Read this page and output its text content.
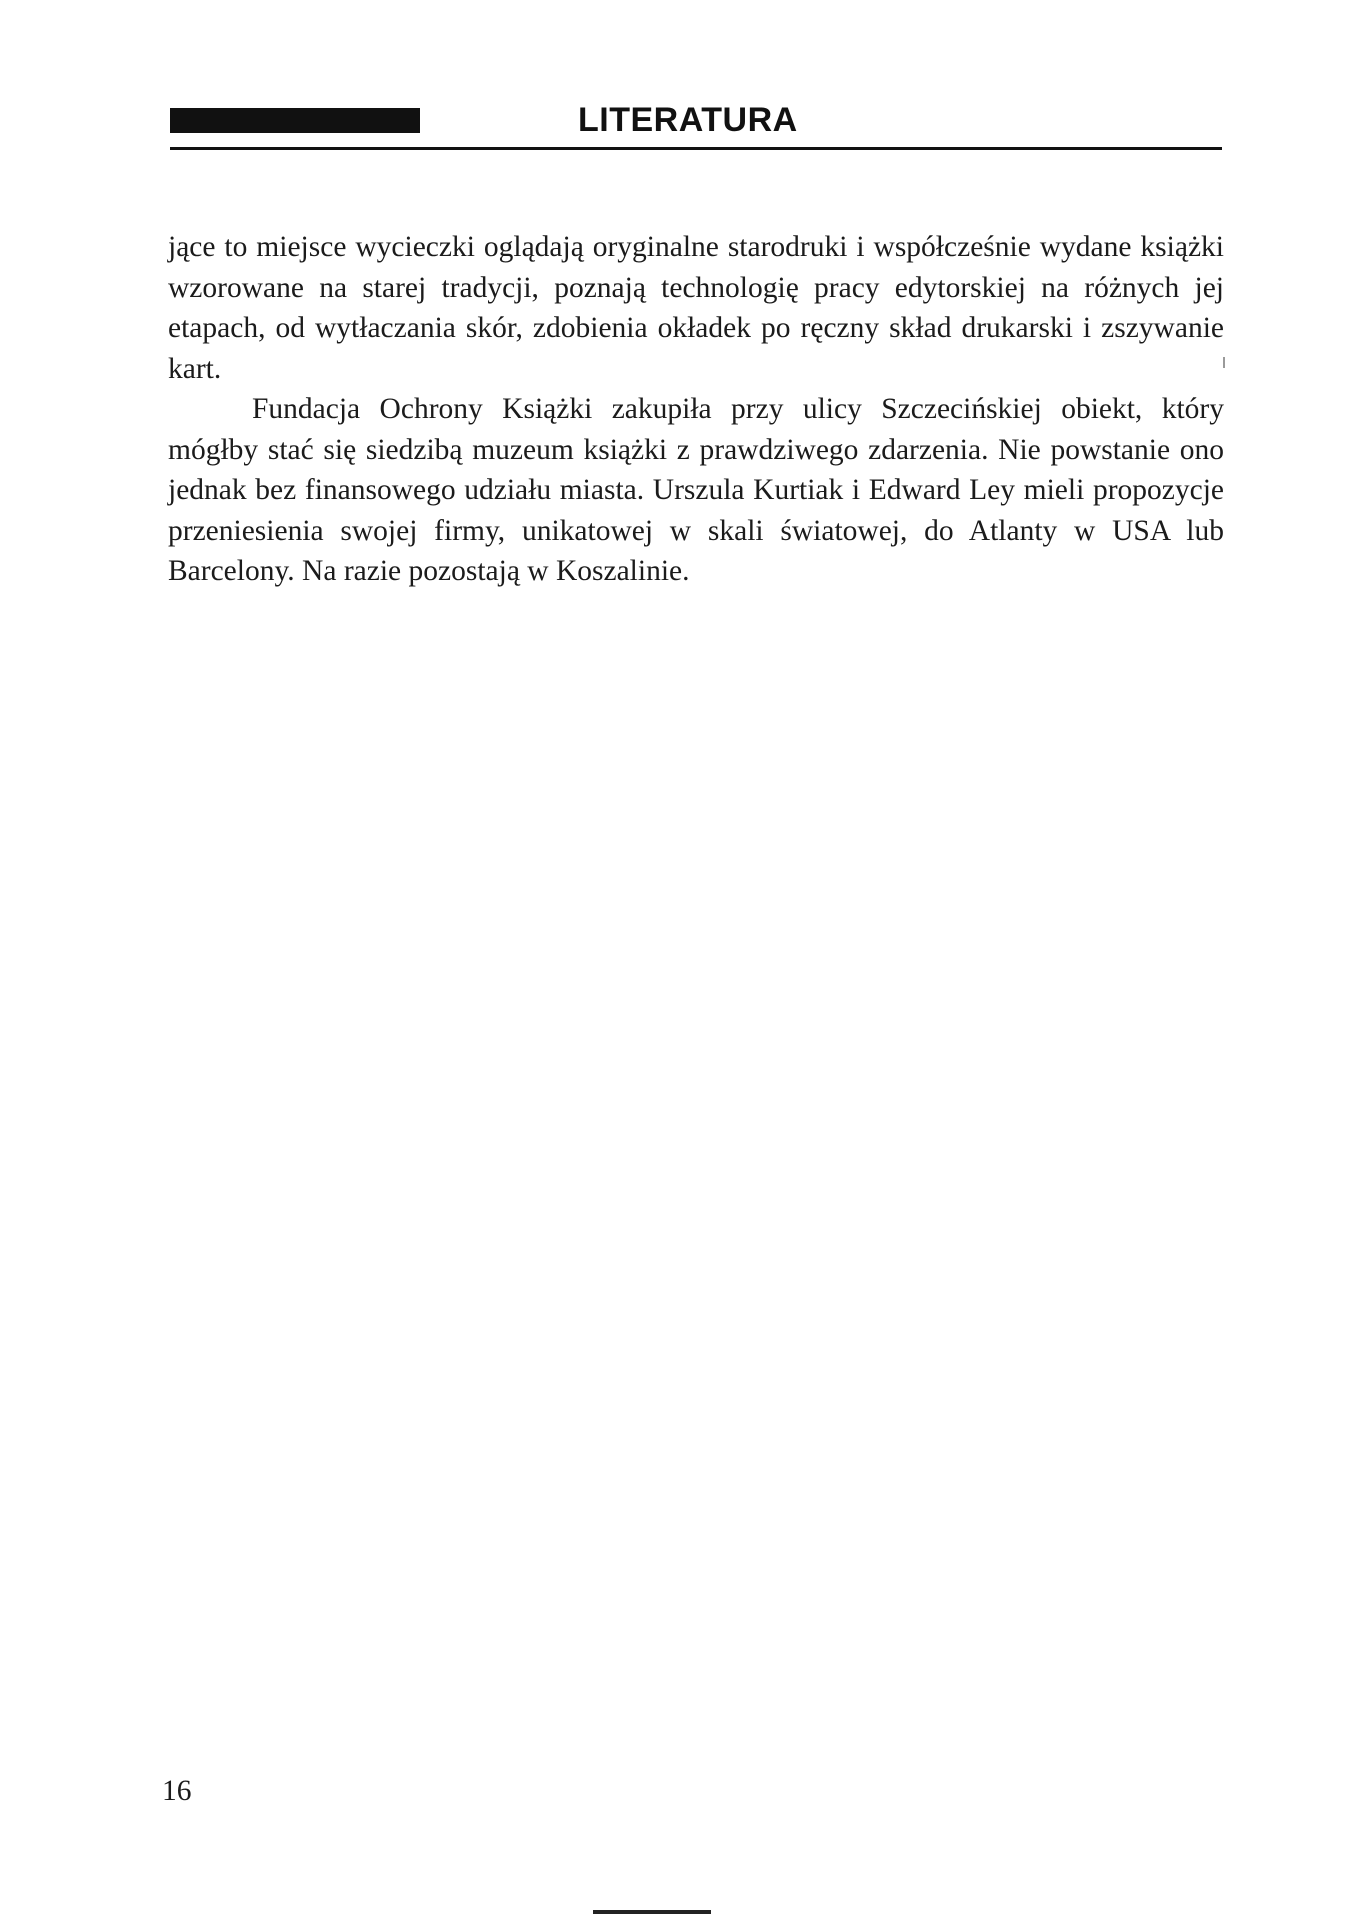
LITERATURA

jące to miejsce wycieczki oglądają oryginalne starodruki i współcześnie wydane książki wzorowane na starej tradycji, poznają technologię pracy edytorskiej na różnych jej etapach, od wytłaczania skór, zdobienia okładek po ręczny skład drukarski i zszywanie kart.

Fundacja Ochrony Książki zakupiła przy ulicy Szczecińskiej obiekt, który mógłby stać się siedzibą muzeum książki z prawdziwego zdarzenia. Nie powstanie ono jednak bez finansowego udziału miasta. Urszula Kurtiak i Edward Ley mieli propozycje przeniesienia swojej firmy, unikatowej w skali światowej, do Atlanty w USA lub Barcelony. Na razie pozostają w Koszalinie.

16
